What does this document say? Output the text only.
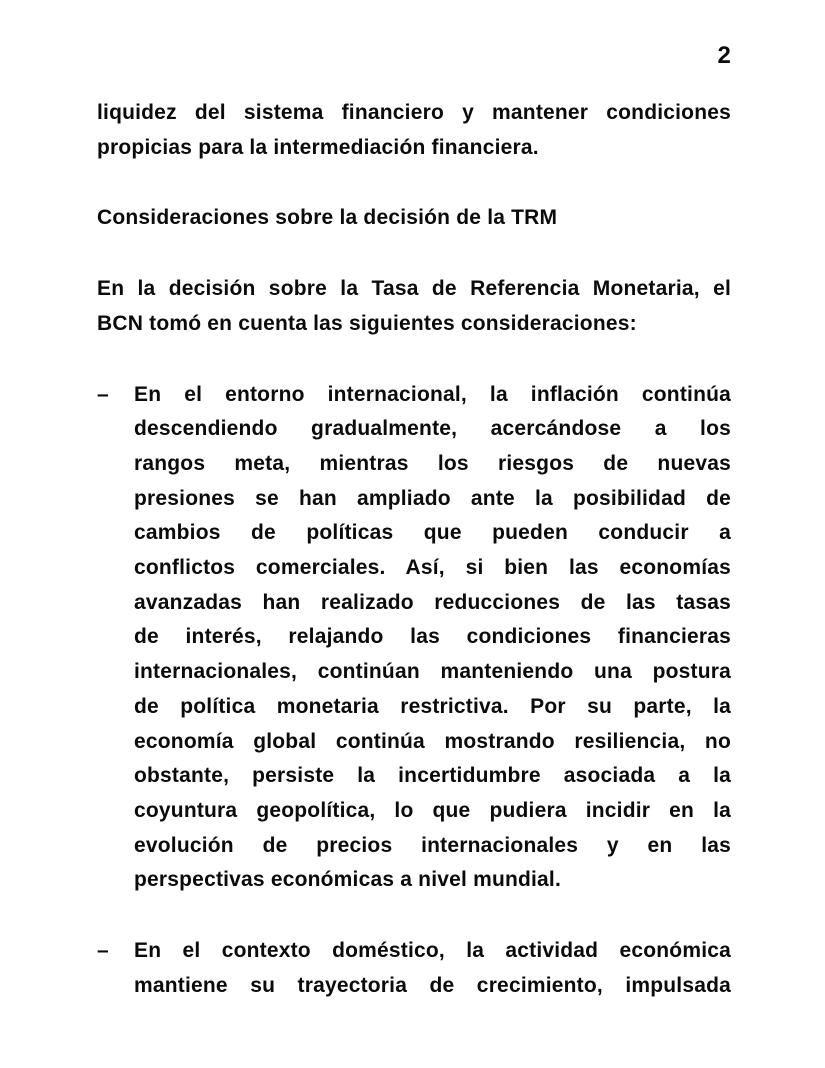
2
liquidez del sistema financiero y mantener condiciones
propicias para la intermediación financiera.
Consideraciones sobre la decisión de la TRM
En la decisión sobre la Tasa de Referencia Monetaria, el
BCN tomó en cuenta las siguientes consideraciones:
– En el entorno internacional, la inflación continúa
descendiendo gradualmente, acercándose a los
rangos meta, mientras los riesgos de nuevas
presiones se han ampliado ante la posibilidad de
cambios de políticas que pueden conducir a
conflictos comerciales. Así, si bien las economías
avanzadas han realizado reducciones de las tasas
de interés, relajando las condiciones financieras
internacionales, continúan manteniendo una postura
de política monetaria restrictiva. Por su parte, la
economía global continúa mostrando resiliencia, no
obstante, persiste la incertidumbre asociada a la
coyuntura geopolítica, lo que pudiera incidir en la
evolución de precios internacionales y en las
perspectivas económicas a nivel mundial.
– En el contexto doméstico, la actividad económica
mantiene su trayectoria de crecimiento, impulsada
